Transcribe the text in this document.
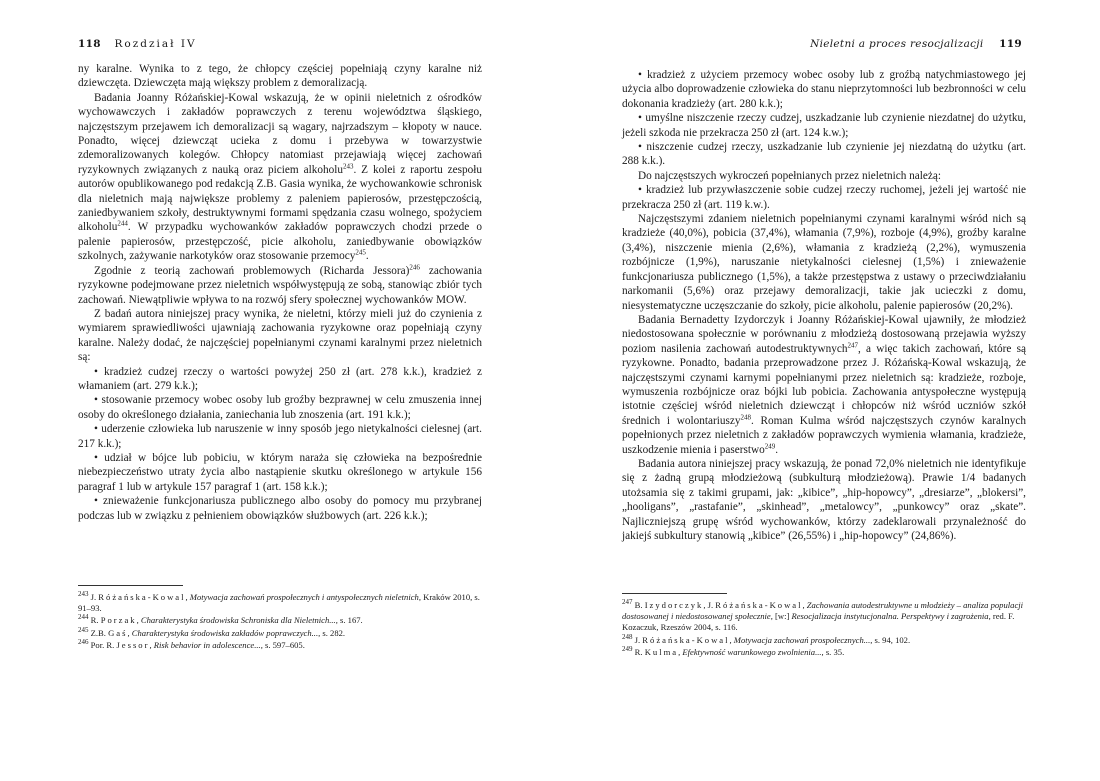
118 Rozdział IV

ny karalne. Wynika to z tego, że chłopcy częściej popełniają czyny karalne niż dziewczęta. Dziewczęta mają większy problem z demoralizacją.

Badania Joanny Różańskiej-Kowal wskazują, że w opinii nieletnich z ośrodków wychowawczych i zakładów poprawczych z terenu województwa śląskiego, najczęstszym przejawem ich demoralizacji są wagary, najrzadszym – kłopoty w nauce. Ponadto, więcej dziewcząt ucieka z domu i przebywa w towarzystwie zdemoralizowanych kolegów. Chłopcy natomiast przejawiają więcej zachowań ryzykownych związanych z nauką oraz piciem alkoholu$^{243}$. Z kolei z raportu zespołu autorów opublikowanego pod redakcją Z.B. Gasia wynika, że wychowankowie schronisk dla nieletnich mają największe problemy z paleniem papierosów, przestępczością, zaniedbywaniem szkoły, destruktywnymi formami spędzania czasu wolnego, spożyciem alkoholu$^{244}$. W przypadku wychowanków zakładów poprawczych chodzi przede o palenie papierosów, przestępczość, picie alkoholu, zaniedbywanie obowiązków szkolnych, zażywanie narkotyków oraz stosowanie przemocy$^{245}$.

Zgodnie z teorią zachowań problemowych (Richarda Jessora)$^{246}$ zachowania ryzykowne podejmowane przez nieletnich współwystępują ze sobą, stanowiąc zbiór tych zachowań. Niewątpliwie wpływa to na rozwój sfery społecznej wychowanków MOW.

Z badań autora niniejszej pracy wynika, że nieletni, którzy mieli już do czynienia z wymiarem sprawiedliwości ujawniają zachowania ryzykowne oraz popełniają czyny karalne. Należy dodać, że najczęściej popełnianymi czynami karalnymi przez nieletnich są:

• kradzież cudzej rzeczy o wartości powyżej 250 zł (art. 278 k.k.), kradzież z włamaniem (art. 279 k.k.);

• stosowanie przemocy wobec osoby lub groźby bezprawnej w celu zmuszenia innej osoby do określonego działania, zaniechania lub znoszenia (art. 191 k.k.);

• uderzenie człowieka lub naruszenie w inny sposób jego nietykalności cielesnej (art. 217 k.k.);

• udział w bójce lub pobiciu, w którym naraża się człowieka na bezpośrednie niebezpieczeństwo utraty życia albo nastąpienie skutku określonego w artykule 156 paragraf 1 lub w artykule 157 paragraf 1 (art. 158 k.k.);

• znieważenie funkcjonariusza publicznego albo osoby do pomocy mu przybranej podczas lub w związku z pełnieniem obowiązków służbowych (art. 226 k.k.);

$^{243}$ J. Różańska-Kowal, Motywacja zachowań prospołecznych i antyspołecznych nieletnich, Kraków 2010, s. 91–93.
$^{244}$ R. Porzak, Charakterystyka środowiska Schroniska dla Nieletnich..., s. 167.
$^{245}$ Z.B. Gaś, Charakterystyka środowiska zakładów poprawczych..., s. 282.
$^{246}$ Por. R. Jessor, Risk behavior in adolescence..., s. 597–605.
Nieletni a proces resocjalizacji 119

• kradzież z użyciem przemocy wobec osoby lub z groźbą natychmiastowego jej użycia albo doprowadzenie człowieka do stanu nieprzytomności lub bezbronności w celu dokonania kradzieży (art. 280 k.k.);

• umyślne niszczenie rzeczy cudzej, uszkadzanie lub czynienie niezdatnej do użytku, jeżeli szkoda nie przekracza 250 zł (art. 124 k.w.);

• niszczenie cudzej rzeczy, uszkadzanie lub czynienie jej niezdatną do użytku (art. 288 k.k.).

Do najczęstszych wykroczeń popełnianych przez nieletnich należą:

• kradzież lub przywłaszczenie sobie cudzej rzeczy ruchomej, jeżeli jej wartość nie przekracza 250 zł (art. 119 k.w.).

Najczęstszymi zdaniem nieletnich popełnianymi czynami karalnymi wśród nich są kradzieże (40,0%), pobicia (37,4%), włamania (7,9%), rozboje (4,9%), groźby karalne (3,4%), niszczenie mienia (2,6%), włamania z kradzieżą (2,2%), wymuszenia rozbójnicze (1,9%), naruszanie nietykalności cielesnej (1,5%) i znieważenie funkcjonariusza publicznego (1,5%), a także przestępstwa z ustawy o przeciwdziałaniu narkomanii (5,6%) oraz przejawy demoralizacji, takie jak ucieczki z domu, niesystematyczne uczęszczanie do szkoły, picie alkoholu, palenie papierosów (20,2%).

Badania Bernadetty Izydorczyk i Joanny Różańskiej-Kowal ujawniły, że młodzież niedostosowana społecznie w porównaniu z młodzieżą dostosowaną przejawia wyższy poziom nasilenia zachowań autodestruktywnych$^{247}$, a więc takich zachowań, które są ryzykowne. Ponadto, badania przeprowadzone przez J. Różańską-Kowal wskazują, że najczęstszymi czynami karnymi popełnianymi przez nieletnich są: kradzieże, rozboje, wymuszenia rozbójnicze oraz bójki lub pobicia. Zachowania antyspołeczne występują istotnie częściej wśród nieletnich dziewcząt i chłopców niż wśród uczniów szkół średnich i wolontariuszy$^{248}$. Roman Kulma wśród najczęstszych czynów karalnych popełnionych przez nieletnich z zakładów poprawczych wymienia włamania, kradzieże, uszkodzenie mienia i paserstwo$^{249}$.

Badania autora niniejszej pracy wskazują, że ponad 72,0% nieletnich nie identyfikuje się z żadną grupą młodzieżową (subkulturą młodzieżową). Prawie 1/4 badanych utożsamia się z takimi grupami, jak: „kibice”, „hip-hopowcy”, „dresiarze”, „blokersi”, „hooligans”, „rastafanie”, „skinhead”, „metalowcy”, „punkowcy” oraz „skate”. Najliczniejszą grupę wśród wychowanków, którzy zadeklarowali przynależność do jakiejś subkultury stanowią „kibice” (26,55%) i „hip-hopowcy” (24,86%).

$^{247}$ B. Izydorczyk, J. Różańska-Kowal, Zachowania autodestruktywne u młodzieży – analiza populacji dostosowanej i niedostosowanej społecznie, [w:] Resocjalizacja instytucjonalna. Perspektywy i zagrożenia, red. F. Kozaczuk, Rzeszów 2004, s. 116.
$^{248}$ J. Różańska-Kowal, Motywacja zachowań prospołecznych..., s. 94, 102.
$^{249}$ R. Kulma, Efektywność warunkowego zwolnienia..., s. 35.
